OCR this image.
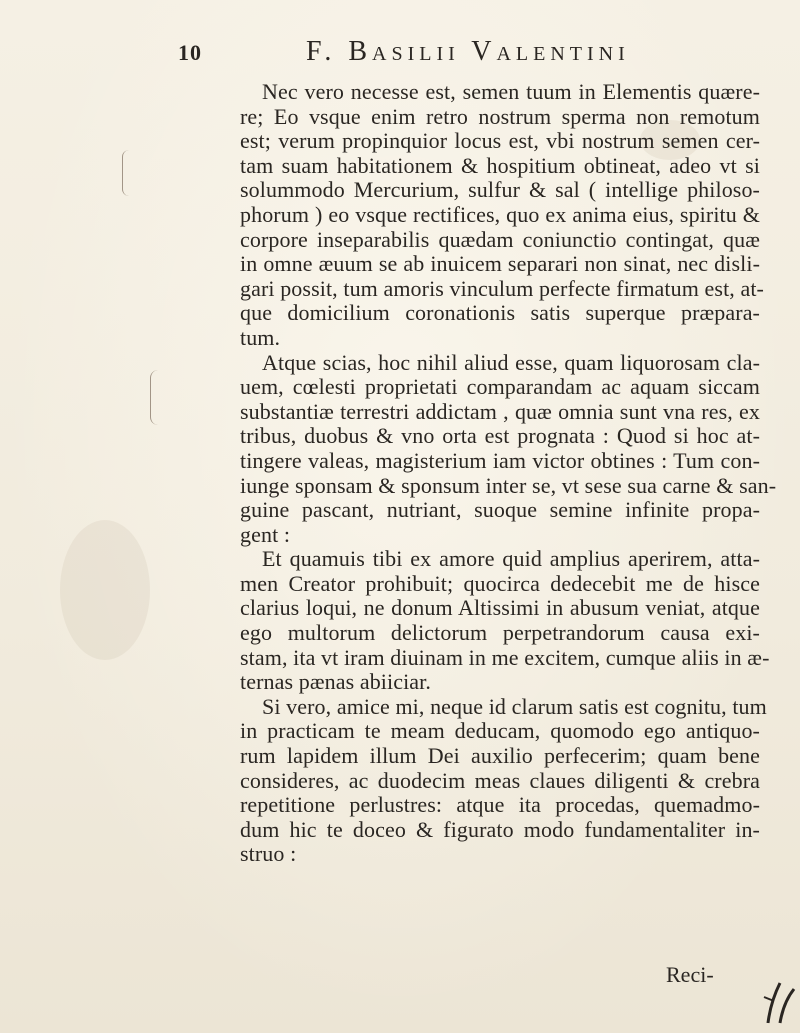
10	F. Basilii Valentini
Nec vero necesse est, semen tuum in Elementis quære-
re; Eo vsque enim retro nostrum sperma non remotum
est; verum propinquior locus est, vbi nostrum semen cer-
tam suam habitationem & hospitium obtineat, adeo vt si
solummodo Mercurium, sulfur & sal ( intellige philoso-
phorum ) eo vsque rectifices, quo ex anima eius, spiritu &
corpore inseparabilis quædam coniunctio contingat, quæ
in omne æuum se ab inuicem separari non sinat, nec disli-
gari possit, tum amoris vinculum perfecte firmatum est, at-
que domicilium coronationis satis superque præpara-
tum.
Atque scias, hoc nihil aliud esse, quam liquorosam cla-
uem, cœlesti proprietati comparandam ac aquam siccam
substantiæ terrestri addictam , quæ omnia sunt vna res, ex
tribus, duobus & vno orta est prognata : Quod si hoc at-
tingere valeas, magisterium iam victor obtines : Tum con-
iunge sponsam & sponsum inter se, vt sese sua carne & san-
guine pascant, nutriant, suoque semine infinite propa-
gent :
Et quamuis tibi ex amore quid amplius aperirem, atta-
men Creator prohibuit; quocirca dedecebit me de hisce
clarius loqui, ne donum Altissimi in abusum veniat, atque
ego multorum delictorum perpetrandorum causa exi-
stam, ita vt iram diuinam in me excitem, cumque aliis in æ-
ternas pænas abiiciar.
Si vero, amice mi, neque id clarum satis est cognitu, tum
in practicam te meam deducam, quomodo ego antiquo-
rum lapidem illum Dei auxilio perfecerim; quam bene
consideres, ac duodecim meas claues diligenti & crebra
repetitione perlustres: atque ita procedas, quemadmo-
dum hic te doceo & figurato modo fundamentaliter in-
struo :
Reci-
